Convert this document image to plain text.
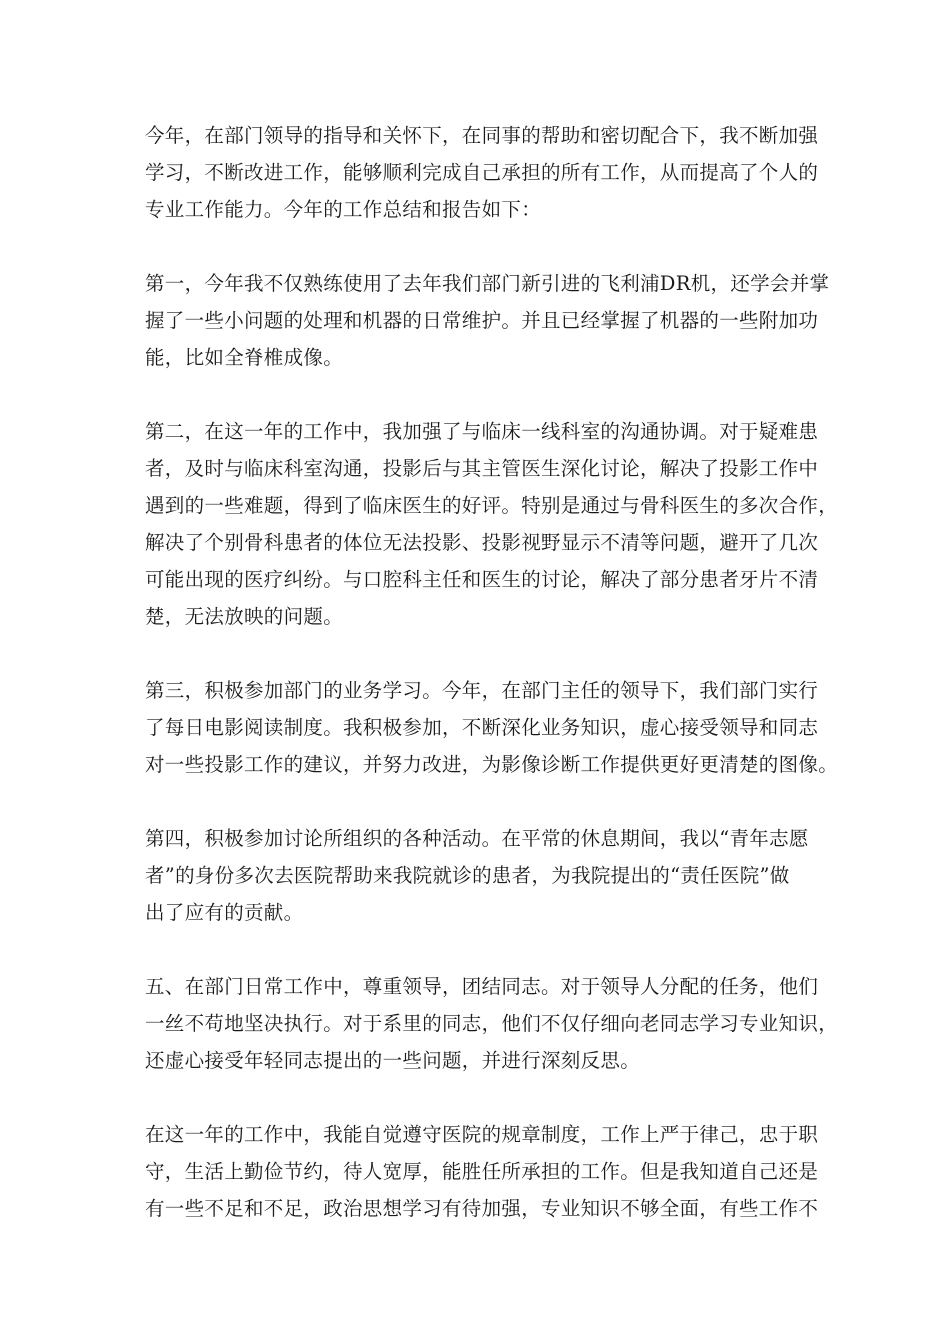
今年，在部门领导的指导和关怀下，在同事的帮助和密切配合下，我不断加强
学习，不断改进工作，能够顺利完成自己承担的所有工作，从而提高了个人的
专业工作能力。今年的工作总结和报告如下：

第一，今年我不仅熟练使用了去年我们部门新引进的飞利浦DR机，还学会并掌
握了一些小问题的处理和机器的日常维护。并且已经掌握了机器的一些附加功
能，比如全脊椎成像。

第二，在这一年的工作中，我加强了与临床一线科室的沟通协调。对于疑难患
者，及时与临床科室沟通，投影后与其主管医生深化讨论，解决了投影工作中
遇到的一些难题，得到了临床医生的好评。特别是通过与骨科医生的多次合作，
解决了个别骨科患者的体位无法投影、投影视野显示不清等问题，避开了几次
可能出现的医疗纠纷。与口腔科主任和医生的讨论，解决了部分患者牙片不清
楚，无法放映的问题。

第三，积极参加部门的业务学习。今年，在部门主任的领导下，我们部门实行
了每日电影阅读制度。我积极参加，不断深化业务知识，虚心接受领导和同志
对一些投影工作的建议，并努力改进，为影像诊断工作提供更好更清楚的图像。

第四，积极参加讨论所组织的各种活动。在平常的休息期间，我以“青年志愿
者”的身份多次去医院帮助来我院就诊的患者，为我院提出的“责任医院”做
出了应有的贡献。

五、在部门日常工作中，尊重领导，团结同志。对于领导人分配的任务，他们
一丝不苟地坚决执行。对于系里的同志，他们不仅仔细向老同志学习专业知识，
还虚心接受年轻同志提出的一些问题，并进行深刻反思。

在这一年的工作中，我能自觉遵守医院的规章制度，工作上严于律己，忠于职
守，生活上勤俭节约，待人宽厚，能胜任所承担的工作。但是我知道自己还是
有一些不足和不足，政治思想学习有待加强，专业知识不够全面，有些工作不
